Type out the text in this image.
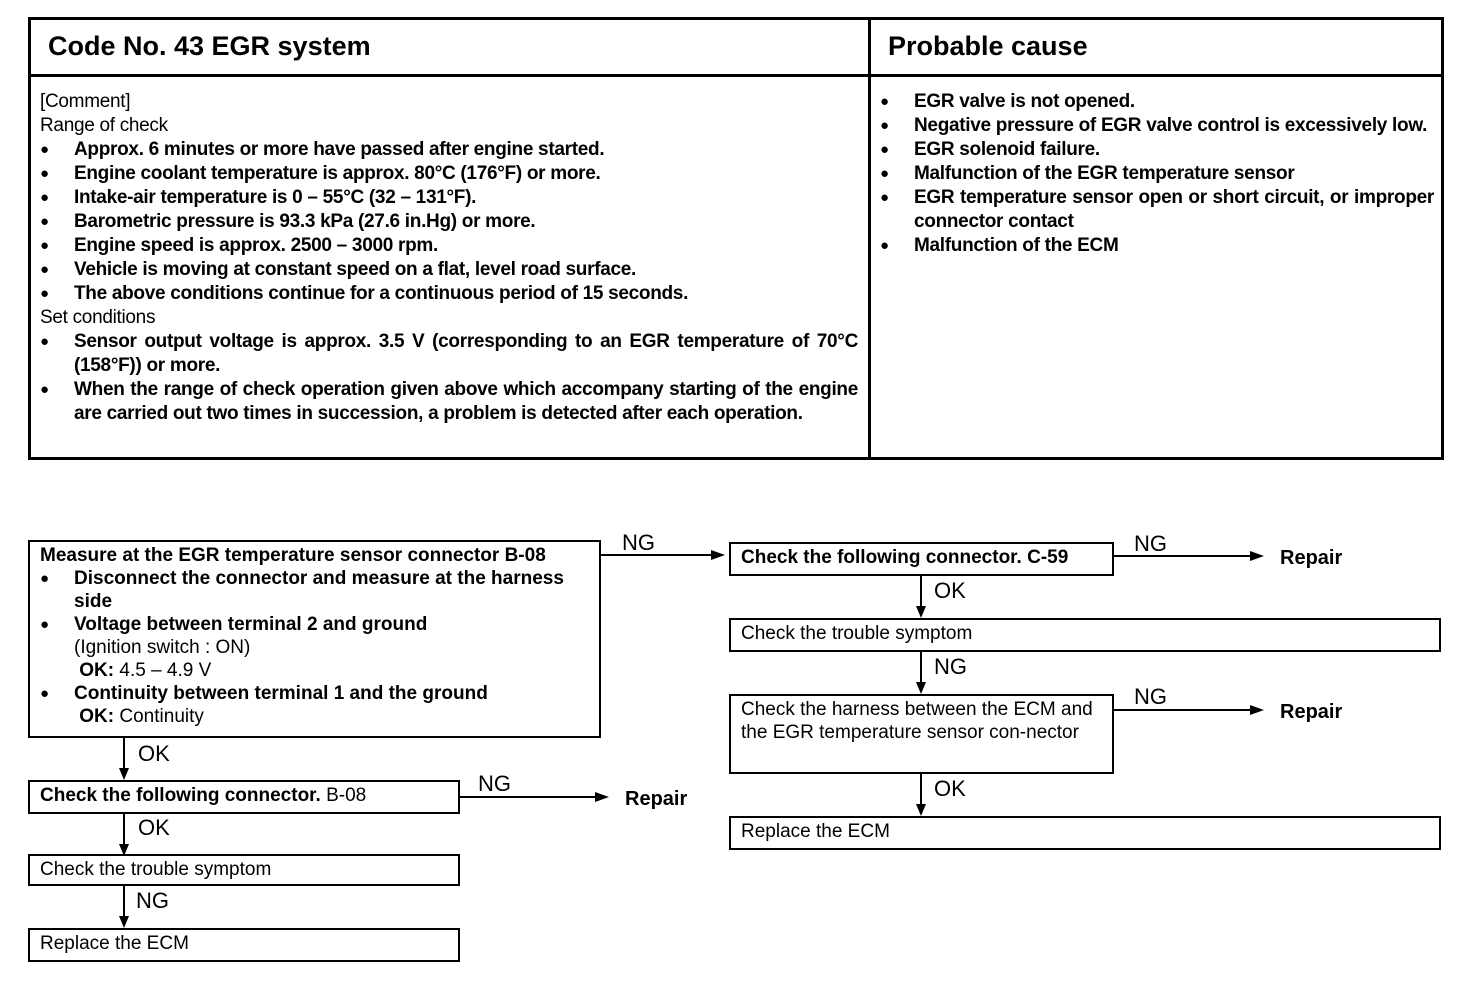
Code No. 43 EGR system	Probable cause
[Comment]
Range of check
● Approx. 6 minutes or more have passed after engine started.
● Engine coolant temperature is approx. 80°C (176°F) or more.
● Intake-air temperature is 0 – 55°C (32 – 131°F).
● Barometric pressure is 93.3 kPa (27.6 in.Hg) or more.
● Engine speed is approx. 2500 – 3000 rpm.
● Vehicle is moving at constant speed on a flat, level road surface.
● The above conditions continue for a continuous period of 15 seconds.
Set conditions
● Sensor output voltage is approx. 3.5 V (corresponding to an EGR temperature of 70°C (158°F)) or more.
● When the range of check operation given above which accompany starting of the engine are carried out two times in succession, a problem is detected after each operation.
● EGR valve is not opened.
● Negative pressure of EGR valve control is excessively low.
● EGR solenoid failure.
● Malfunction of the EGR temperature sensor
● EGR temperature sensor open or short circuit, or improper connector contact
● Malfunction of the ECM
Measure at the EGR temperature sensor connector B-08
● Disconnect the connector and measure at the harness side
● Voltage between terminal 2 and ground
(Ignition switch : ON)
OK: 4.5 – 4.9 V
● Continuity between terminal 1 and the ground
OK: Continuity
OK
Check the following connector. B-08
NG
NG
Repair
OK
Check the trouble symptom
NG
Replace the ECM
Check the following connector. C-59
NG
Repair
OK
Check the trouble symptom
NG
Check the harness between the ECM and the EGR temperature sensor con-nector
NG
Repair
OK
Replace the ECM
